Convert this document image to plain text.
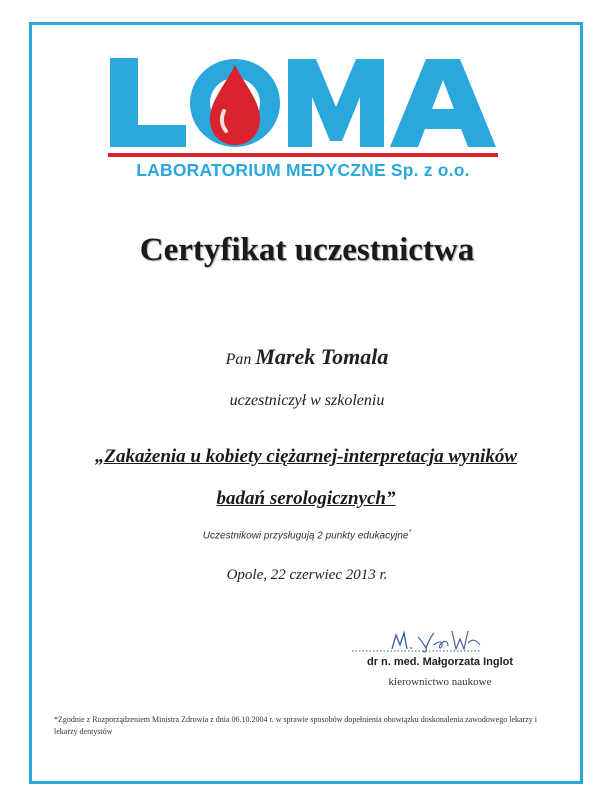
LABORATORIUM MEDYCZNE Sp. z o.o.
Certyfikat uczestnictwa
Pan Marek Tomala
uczestniczył w szkoleniu
„Zakażenia u kobiety ciężarnej-interpretacja wyników
badań serologicznych”
Uczestnikowi przysługują 2 punkty edukacyjne*
Opole, 22 czerwiec 2013 r.
dr n. med. Małgorzata Inglot
kierownictwo naukowe
*Zgodnie z Rozporządzeniem Ministra Zdrowia z dnia 06.10.2004 r. w sprawie sposobów dopełnienia obowiązku doskonalenia zawodowego lekarzy i lekarzy dentystów
